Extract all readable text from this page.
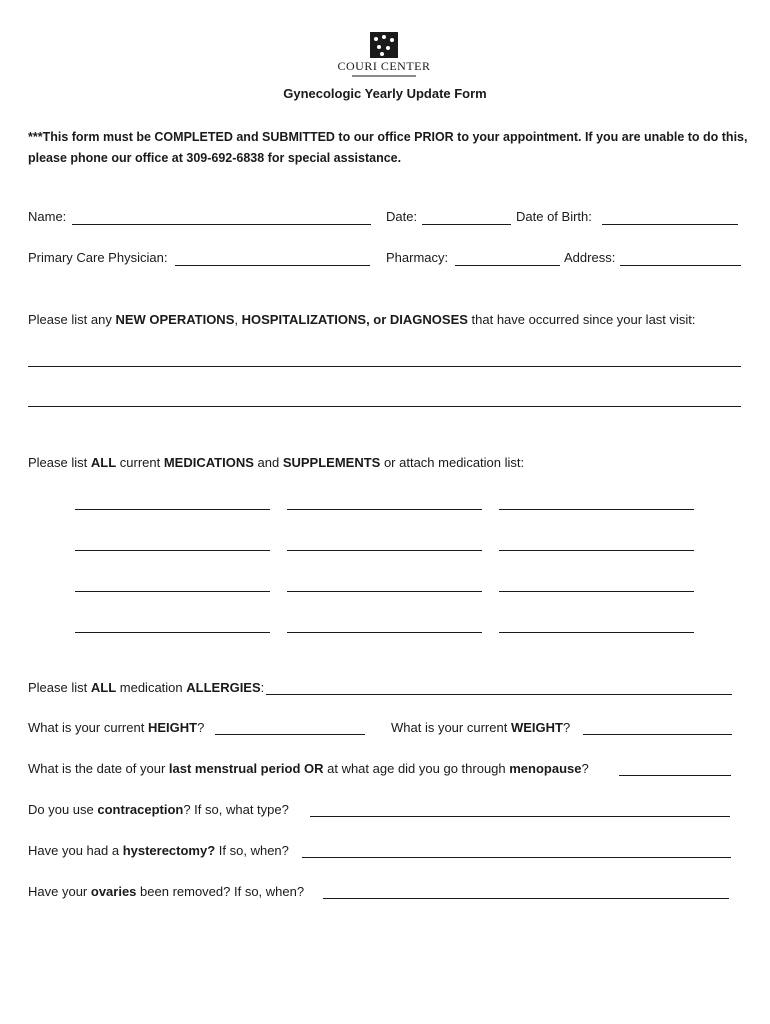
COURI CENTER
Gynecologic Yearly Update Form
***This form must be COMPLETED and SUBMITTED to our office PRIOR to your appointment. If you are unable to do this, please phone our office at 309-692-6838 for special assistance.
Name:	Date:	Date of Birth:
Primary Care Physician:	Pharmacy:	Address:
Please list any NEW OPERATIONS, HOSPITALIZATIONS, or DIAGNOSES that have occurred since your last visit:
Please list ALL current MEDICATIONS and SUPPLEMENTS or attach medication list:
Please list ALL medication ALLERGIES:
What is your current HEIGHT?	What is your current WEIGHT?
What is the date of your last menstrual period OR at what age did you go through menopause?
Do you use contraception? If so, what type?
Have you had a hysterectomy? If so, when?
Have your ovaries been removed? If so, when?
